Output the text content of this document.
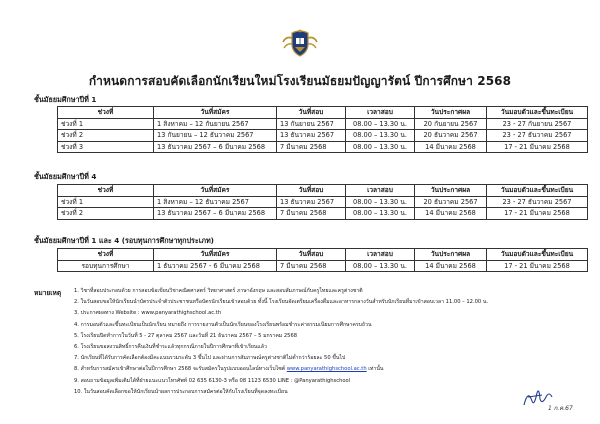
กำหนดการสอบคัดเลือกนักเรียนใหม่โรงเรียนมัธยมปัญญารัตน์ ปีการศึกษา 2568
ชั้นมัธยมศึกษาปีที่ 1
ช่วงที่	วันที่สมัคร	วันที่สอบ	เวลาสอบ	วันประกาศผล	วันมอบตัวและขึ้นทะเบียน
ช่วงที่ 1	1 สิงหาคม – 12 กันยายน 2567	13 กันยายน 2567	08.00 – 13.30 น.	20 กันยายน 2567	23 - 27 กันยายน 2567
ช่วงที่ 2	13 กันยายน – 12 ธันวาคม 2567	13 ธันวาคม 2567	08.00 – 13.30 น.	20 ธันวาคม 2567	23 - 27 ธันวาคม 2567
ช่วงที่ 3	13 ธันวาคม 2567 – 6 มีนาคม 2568	7 มีนาคม 2568	08.00 – 13.30 น.	14 มีนาคม 2568	17 - 21 มีนาคม 2568
ชั้นมัธยมศึกษาปีที่ 4
ช่วงที่	วันที่สมัคร	วันที่สอบ	เวลาสอบ	วันประกาศผล	วันมอบตัวและขึ้นทะเบียน
ช่วงที่ 1	1 สิงหาคม – 12 ธันวาคม 2567	13 ธันวาคม 2567	08.00 – 13.30 น.	20 ธันวาคม 2567	23 - 27 ธันวาคม 2567
ช่วงที่ 2	13 ธันวาคม 2567 – 6 มีนาคม 2568	7 มีนาคม 2568	08.00 – 13.30 น.	14 มีนาคม 2568	17 - 21 มีนาคม 2568
ชั้นมัธยมศึกษาปีที่ 1 และ 4 (รอบทุนการศึกษาทุกประเภท)
ช่วงที่	วันที่สมัคร	วันที่สอบ	เวลาสอบ	วันประกาศผล	วันมอบตัวและขึ้นทะเบียน
รอบทุนการศึกษา	1 ธันวาคม 2567 - 6 มีนาคม 2568	7 มีนาคม 2568	08.00 – 13.30 น.	14 มีนาคม 2568	17 - 21 มีนาคม 2568
หมายเหตุ 1. วิชาที่สอบประกอบด้วย การสอบข้อเขียนวิชาคณิตศาสตร์ วิทยาศาสตร์ ภาษาอังกฤษ และสอบสัมภาษณ์กับครูไทยและครูต่างชาติ
2. ในวันสอบขอให้นักเรียนนำบัตรประจำตัวประชาชนหรือบัตรนักเรียนเข้าสอบด้วย ทั้งนี้ โรงเรียนจัดเตรียมเครื่องดื่มและอาหารกลางวันสำหรับนักเรียนที่มาเข้าสอบเวลา 11.00 – 12.00 น.
3. ประกาศผลทาง Website : www.panyarathighschool.ac.th
4. การมอบตัวและขึ้นทะเบียนเป็นนักเรียน หมายถึง การรายงานตัวเป็นนักเรียนของโรงเรียนพร้อมชำระค่าธรรมเนียมการศึกษาครบถ้วน
5. โรงเรียนปิดทำการในวันที่ 5 - 27 ตุลาคม 2567 และวันที่ 21 ธันวาคม 2567 – 5 มกราคม 2568
6. โรงเรียนขอสงวนสิทธิ์การคืนเงินที่ชำระแล้วทุกกรณีภายในปีการศึกษาที่เข้าเรียนแล้ว
7. นักเรียนที่ได้รับการคัดเลือกต้องมีคะแนนรวมระดับ 3 ขึ้นไป และผ่านการสัมภาษณ์ครูต่างชาติไม่ต่ำกว่าร้อยละ 50 ขึ้นไป
8. สำหรับการสมัครเข้าศึกษาต่อในปีการศึกษา 2568 จะรับสมัครในรูปแบบออนไลน์ทางเว็บไซต์ www.panyarathighschool.ac.th เท่านั้น
9. สอบถามข้อมูลเพิ่มเติมได้ที่ฝ่ายแนะแนวโทรศัพท์ 02 635 6130-3 หรือ 08 1123 6530 LINE : @Panyarathighschool
10. ในวันสอบคัดเลือกขอให้นักเรียนนำผลการประกอบการสมัครต่อให้กับโรงเรียนที่จุดลงทะเบียน
1 ก.ค.67
